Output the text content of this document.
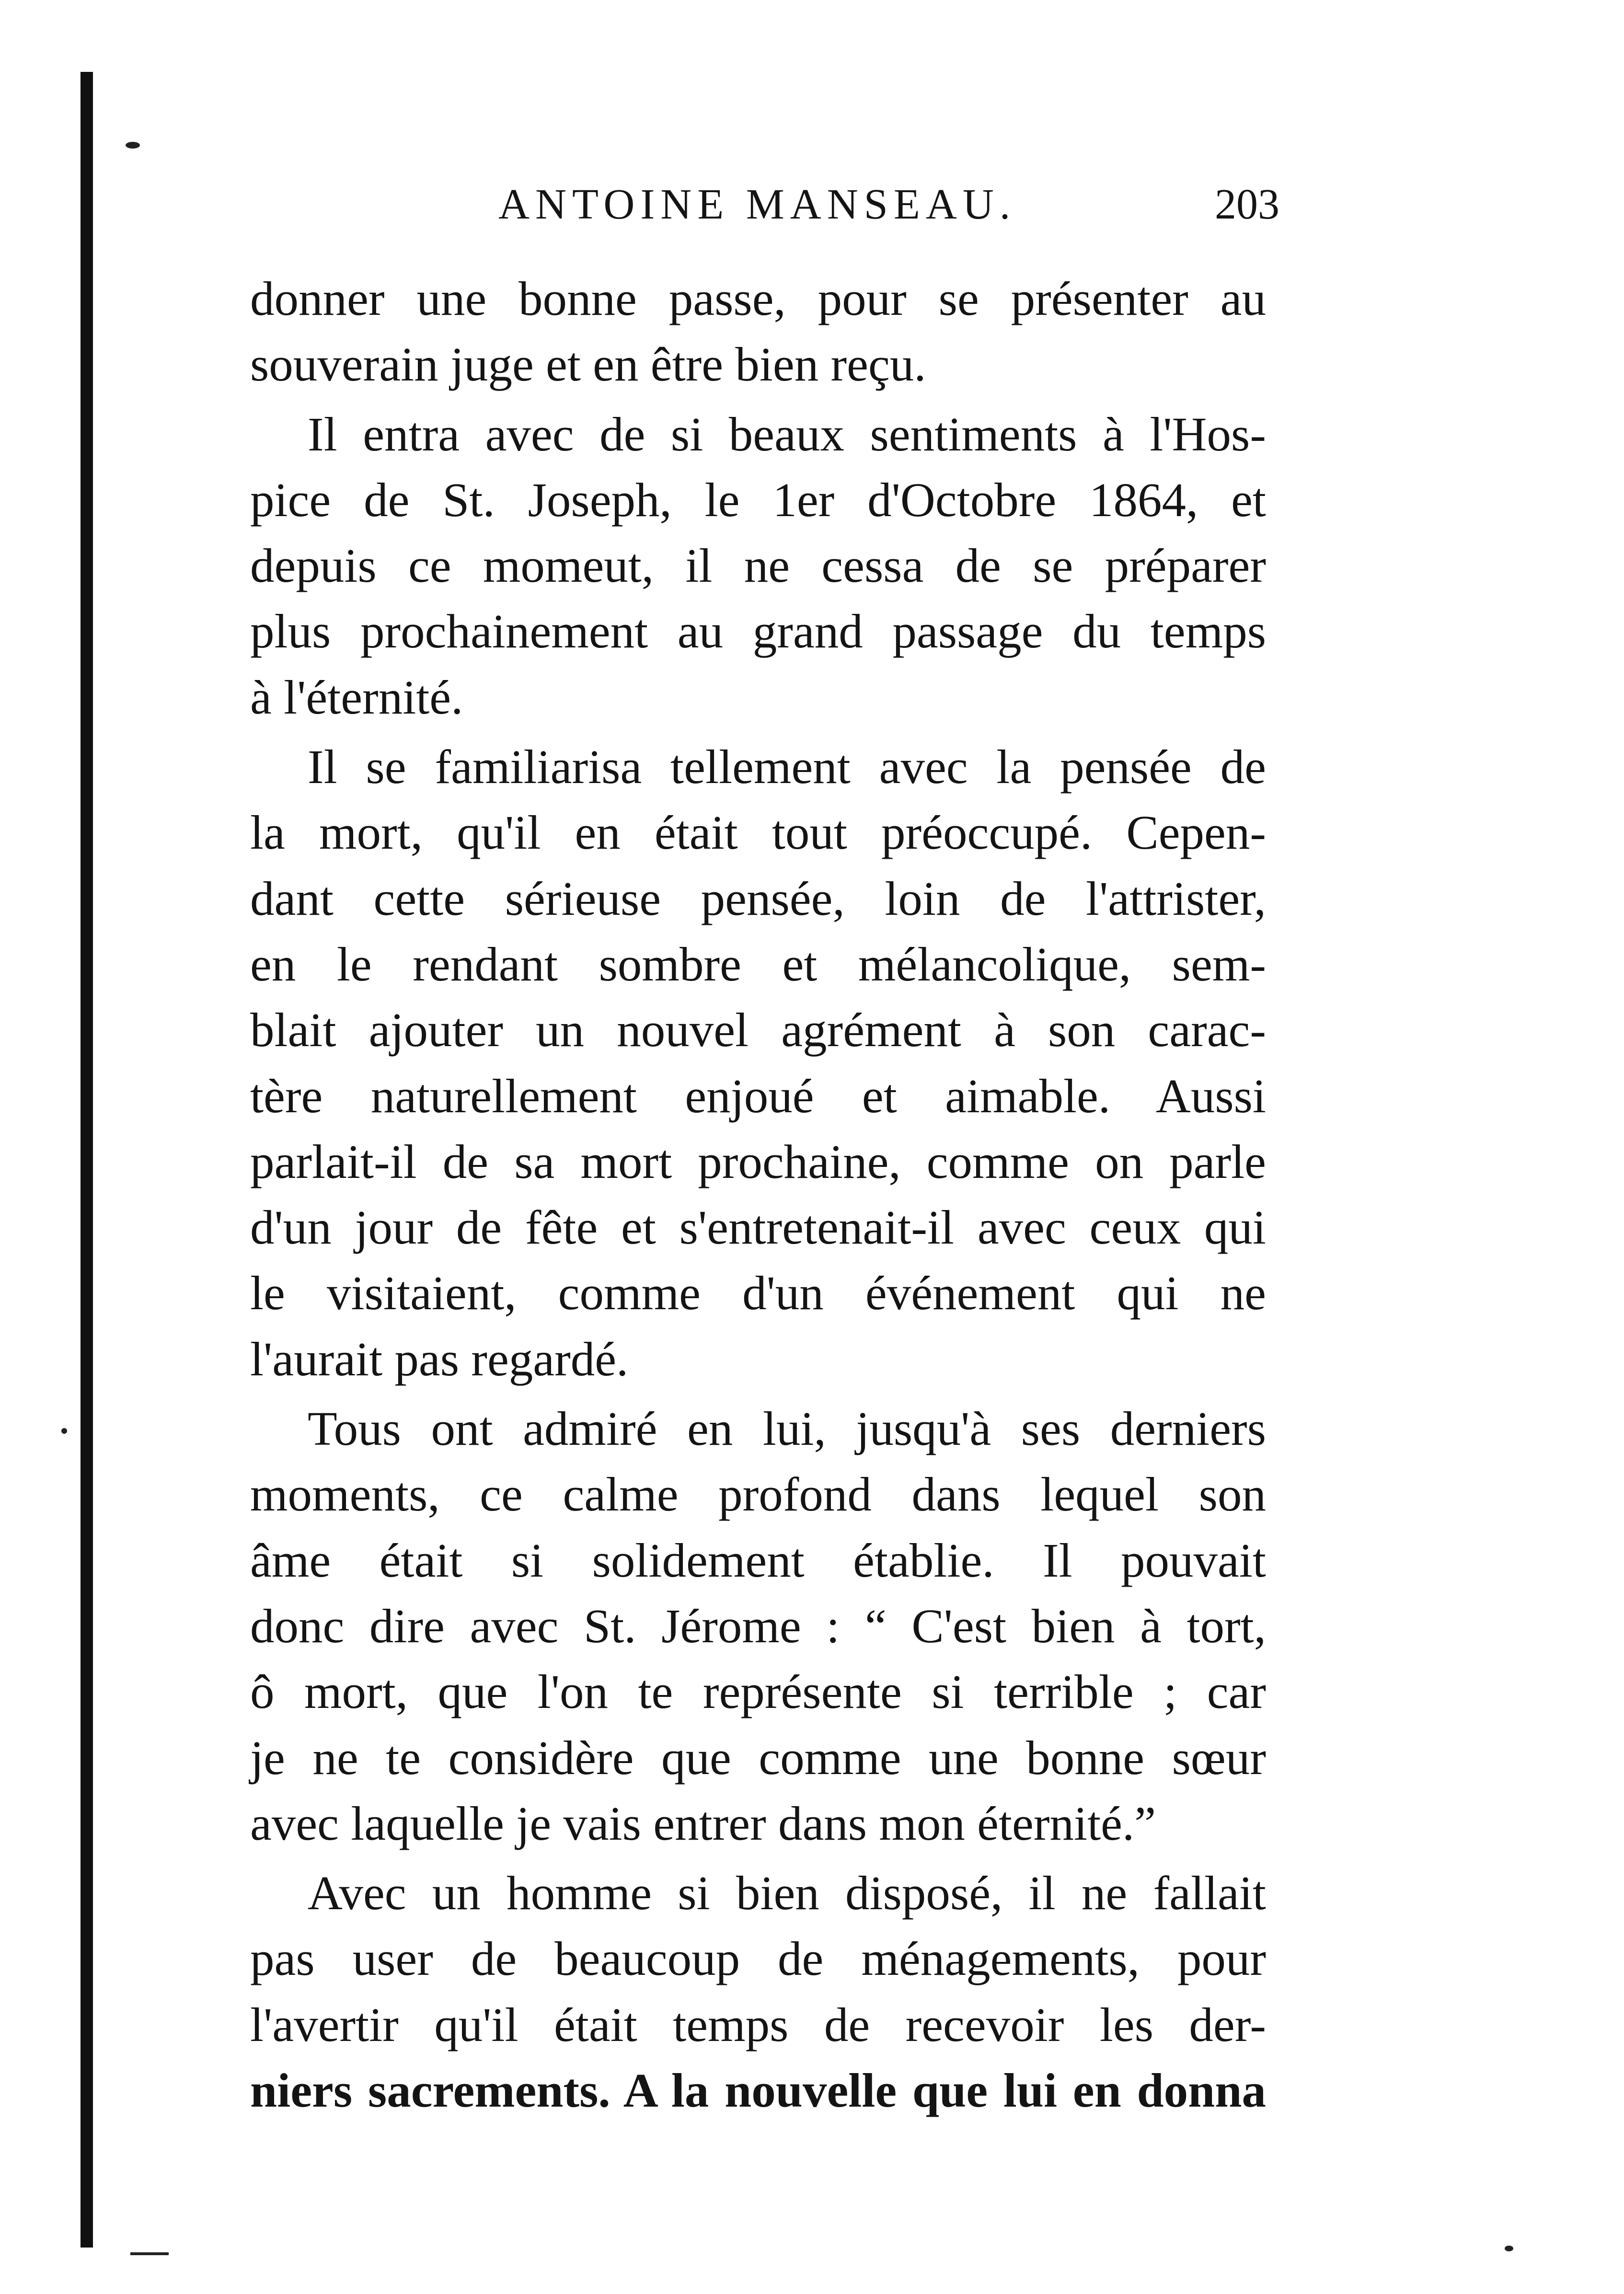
ANTOINE MANSEAU.	203
donner une bonne passe, pour se présenter au
souverain juge et en être bien reçu.
Il entra avec de si beaux sentiments à l'Hos-
pice de St. Joseph, le 1er d'Octobre 1864, et
depuis ce momeut, il ne cessa de se préparer
plus prochainement au grand passage du temps
à l'éternité.
Il se familiarisa tellement avec la pensée de
la mort, qu'il en était tout préoccupé. Cepen-
dant cette sérieuse pensée, loin de l'attrister,
en le rendant sombre et mélancolique, sem-
blait ajouter un nouvel agrément à son carac-
tère naturellement enjoué et aimable. Aussi
parlait-il de sa mort prochaine, comme on parle
d'un jour de fête et s'entretenait-il avec ceux qui
le visitaient, comme d'un événement qui ne
l'aurait pas regardé.
Tous ont admiré en lui, jusqu'à ses derniers
moments, ce calme profond dans lequel son
âme était si solidement établie. Il pouvait
donc dire avec St. Jérome : “ C'est bien à tort,
ô mort, que l'on te représente si terrible ; car
je ne te considère que comme une bonne sœur
avec laquelle je vais entrer dans mon éternité.”
Avec un homme si bien disposé, il ne fallait
pas user de beaucoup de ménagements, pour
l'avertir qu'il était temps de recevoir les der-
niers sacrements. A la nouvelle que lui en donna
